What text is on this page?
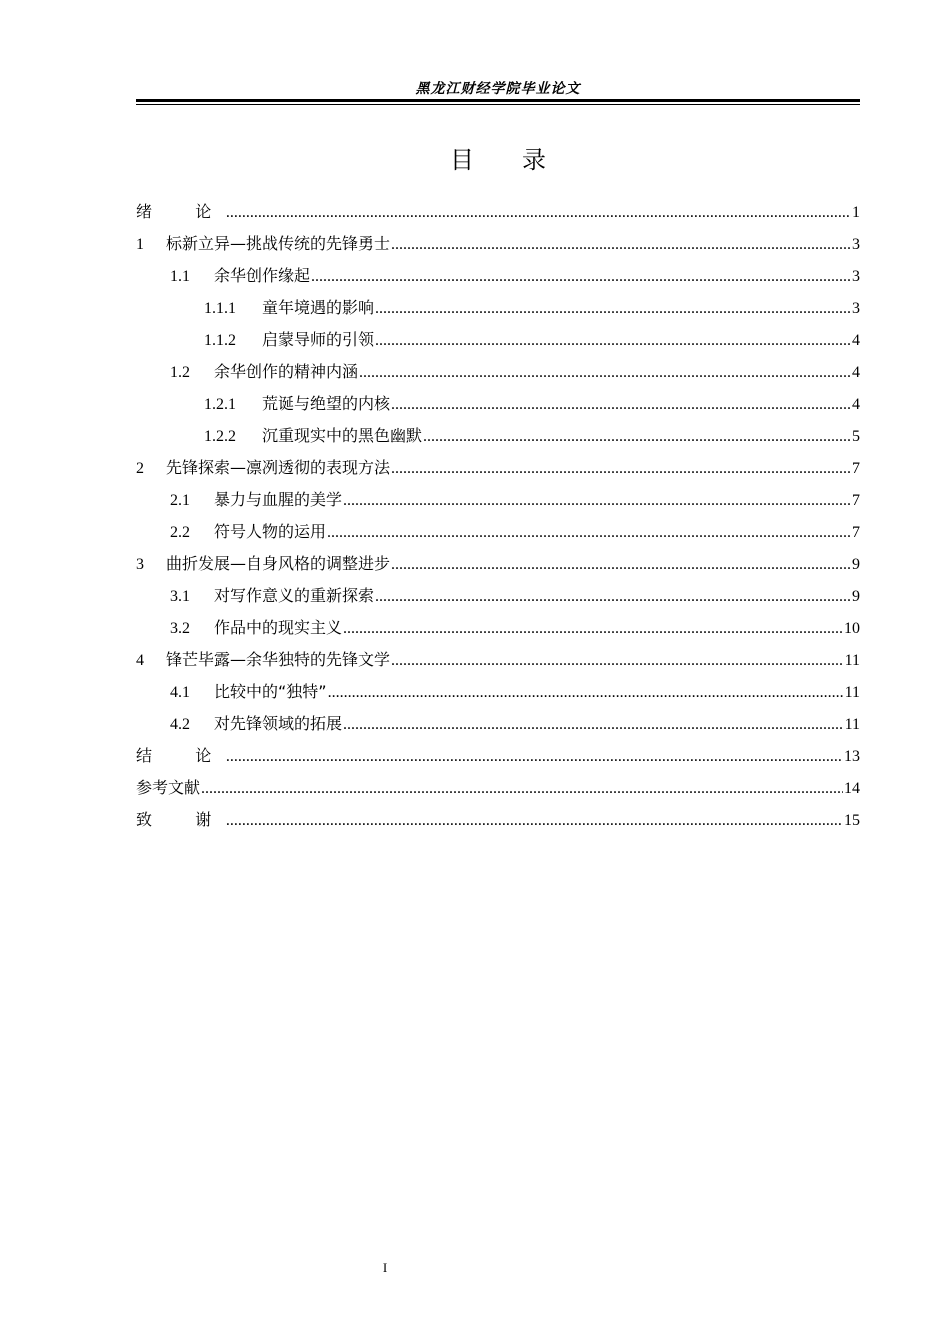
黑龙江财经学院毕业论文
目　　录
绪　论 .....	1
1	标新立异—挑战传统的先锋勇士 .....	3
1.1	余华创作缘起 .....	3
1.1.1	童年境遇的影响 .....	3
1.1.2	启蒙导师的引领 .....	4
1.2	余华创作的精神内涵 .....	4
1.2.1	荒诞与绝望的内核 .....	4
1.2.2	沉重现实中的黑色幽默 .....	5
2	先锋探索—凛冽透彻的表现方法 .....	7
2.1	暴力与血腥的美学 .....	7
2.2	符号人物的运用 .....	7
3	曲折发展—自身风格的调整进步 .....	9
3.1	对写作意义的重新探索 .....	9
3.2	作品中的现实主义 .....	10
4	锋芒毕露—余华独特的先锋文学 .....	11
4.1	比较中的“独特” .....	11
4.2	对先锋领域的拓展 .....	11
结　论 .....	13
参考文献 .....	14
致　谢 .....	15
I
